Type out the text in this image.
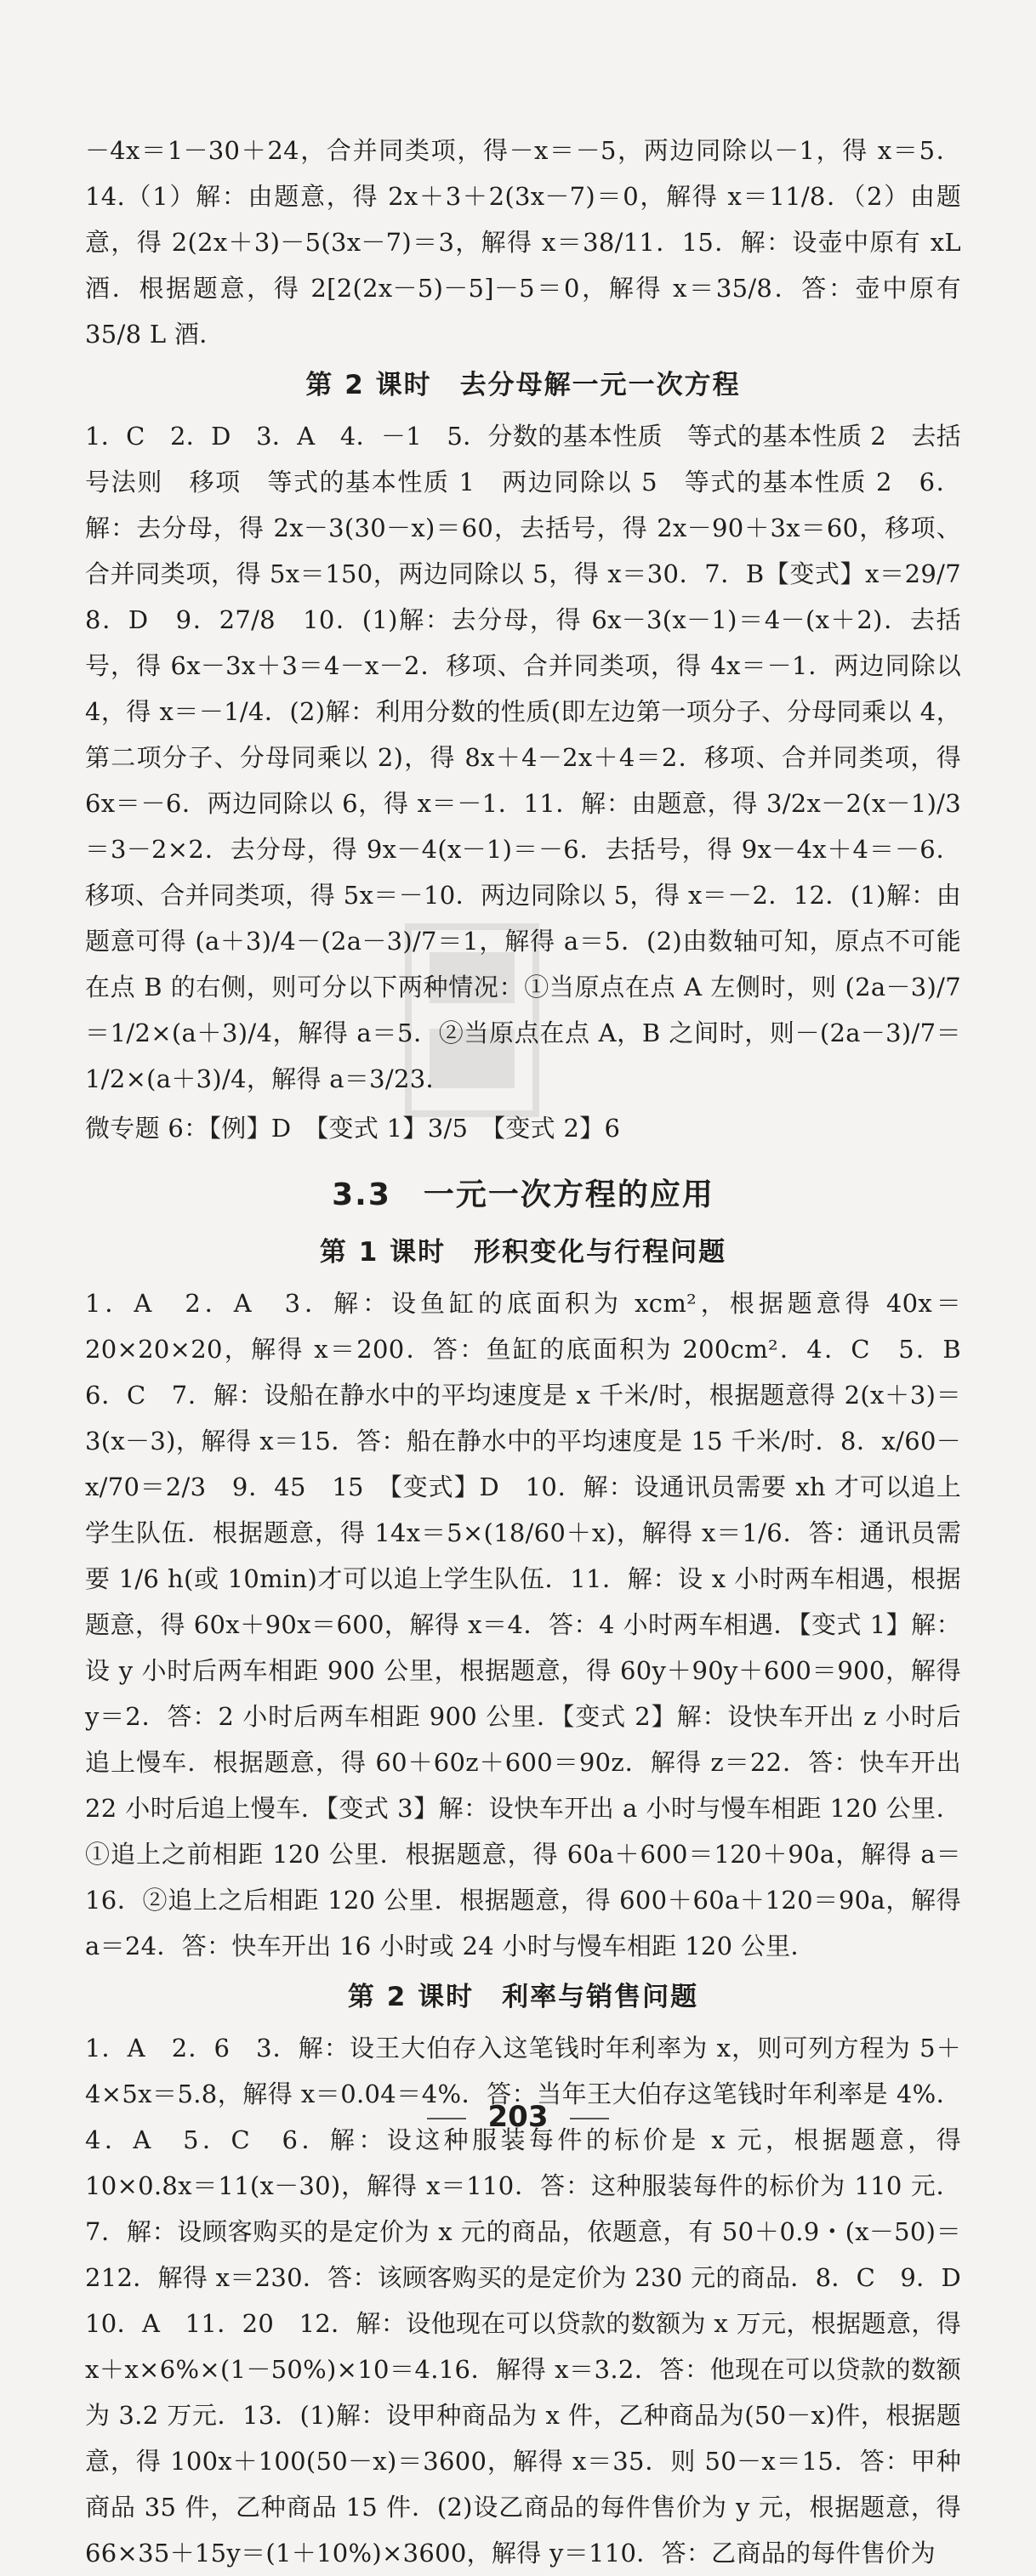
－4x＝1－30＋24，合并同类项，得－x＝－5，两边同除以－1，得 x＝5．14.（1）解：由题意，得 2x＋3＋2(3x－7)＝0，解得 x＝11/8．（2）由题意，得 2(2x＋3)－5(3x－7)＝3，解得 x＝38/11．15．解：设壶中原有 xL 酒．根据题意，得 2[2(2x－5)－5]－5＝0，解得 x＝35/8．答：壶中原有 35/8 L 酒．

第 2 课时　去分母解一元一次方程

1．C　2．D　3．A　4．－1　5．分数的基本性质　等式的基本性质 2　去括号法则　移项　等式的基本性质 1　两边同除以 5　等式的基本性质 2　6．解：去分母，得 2x－3(30－x)＝60，去括号，得 2x－90＋3x＝60，移项、合并同类项，得 5x＝150，两边同除以 5，得 x＝30．7．B【变式】x＝29/7　8．D　9．27/8　10．(1)解：去分母，得 6x－3(x－1)＝4－(x＋2)．去括号，得 6x－3x＋3＝4－x－2．移项、合并同类项，得 4x＝－1．两边同除以 4，得 x＝－1/4．(2)解：利用分数的性质(即左边第一项分子、分母同乘以 4，第二项分子、分母同乘以 2)，得 8x＋4－2x＋4＝2．移项、合并同类项，得 6x＝－6．两边同除以 6，得 x＝－1．11．解：由题意，得 3/2x－2(x－1)/3＝3－2×2．去分母，得 9x－4(x－1)＝－6．去括号，得 9x－4x＋4＝－6．移项、合并同类项，得 5x＝－10．两边同除以 5，得 x＝－2．12．(1)解：由题意可得 (a＋3)/4－(2a－3)/7＝1，解得 a＝5．(2)由数轴可知，原点不可能在点 B 的右侧，则可分以下两种情况：①当原点在点 A 左侧时，则 (2a－3)/7＝1/2×(a＋3)/4，解得 a＝5．②当原点在点 A，B 之间时，则－(2a－3)/7＝1/2×(a＋3)/4，解得 a＝3/23．

微专题 6：【例】D　【变式 1】3/5　【变式 2】6

3.3　一元一次方程的应用
第 1 课时　形积变化与行程问题

1．A　2．A　3．解：设鱼缸的底面积为 xcm²，根据题意得 40x＝20×20×20，解得 x＝200．答：鱼缸的底面积为 200cm²．4．C　5．B　6．C　7．解：设船在静水中的平均速度是 x 千米/时，根据题意得 2(x＋3)＝3(x－3)，解得 x＝15．答：船在静水中的平均速度是 15 千米/时．8．x/60－x/70＝2/3　9．45　15　【变式】D　10．解：设通讯员需要 xh 才可以追上学生队伍．根据题意，得 14x＝5×(18/60＋x)，解得 x＝1/6．答：通讯员需要 1/6 h(或 10min)才可以追上学生队伍．11．解：设 x 小时两车相遇，根据题意，得 60x＋90x＝600，解得 x＝4．答：4 小时两车相遇．【变式 1】解：设 y 小时后两车相距 900 公里，根据题意，得 60y＋90y＋600＝900，解得 y＝2．答：2 小时后两车相距 900 公里．【变式 2】解：设快车开出 z 小时后追上慢车．根据题意，得 60＋60z＋600＝90z．解得 z＝22．答：快车开出 22 小时后追上慢车．【变式 3】解：设快车开出 a 小时与慢车相距 120 公里．①追上之前相距 120 公里．根据题意，得 60a＋600＝120＋90a，解得 a＝16．②追上之后相距 120 公里．根据题意，得 600＋60a＋120＝90a，解得 a＝24．答：快车开出 16 小时或 24 小时与慢车相距 120 公里．

第 2 课时　利率与销售问题

1．A　2．6　3．解：设王大伯存入这笔钱时年利率为 x，则可列方程为 5＋4×5x＝5.8，解得 x＝0.04＝4%．答：当年王大伯存这笔钱时年利率是 4%．4．A　5．C　6．解：设这种服装每件的标价是 x 元，根据题意，得 10×0.8x＝11(x－30)，解得 x＝110．答：这种服装每件的标价为 110 元．7．解：设顾客购买的是定价为 x 元的商品，依题意，有 50＋0.9・(x－50)＝212．解得 x＝230．答：该顾客购买的是定价为 230 元的商品．8．C　9．D　10．A　11．20　12．解：设他现在可以贷款的数额为 x 万元，根据题意，得 x＋x×6%×(1－50%)×10＝4.16．解得 x＝3.2．答：他现在可以贷款的数额为 3.2 万元．13．(1)解：设甲种商品为 x 件，乙种商品为(50－x)件，根据题意，得 100x＋100(50－x)＝3600，解得 x＝35．则 50－x＝15．答：甲种商品 35 件，乙种商品 15 件．(2)设乙商品的每件售价为 y 元，根据题意，得 66×35＋15y＝(1＋10%)×3600，解得 y＝110．答：乙商品的每件售价为

203
